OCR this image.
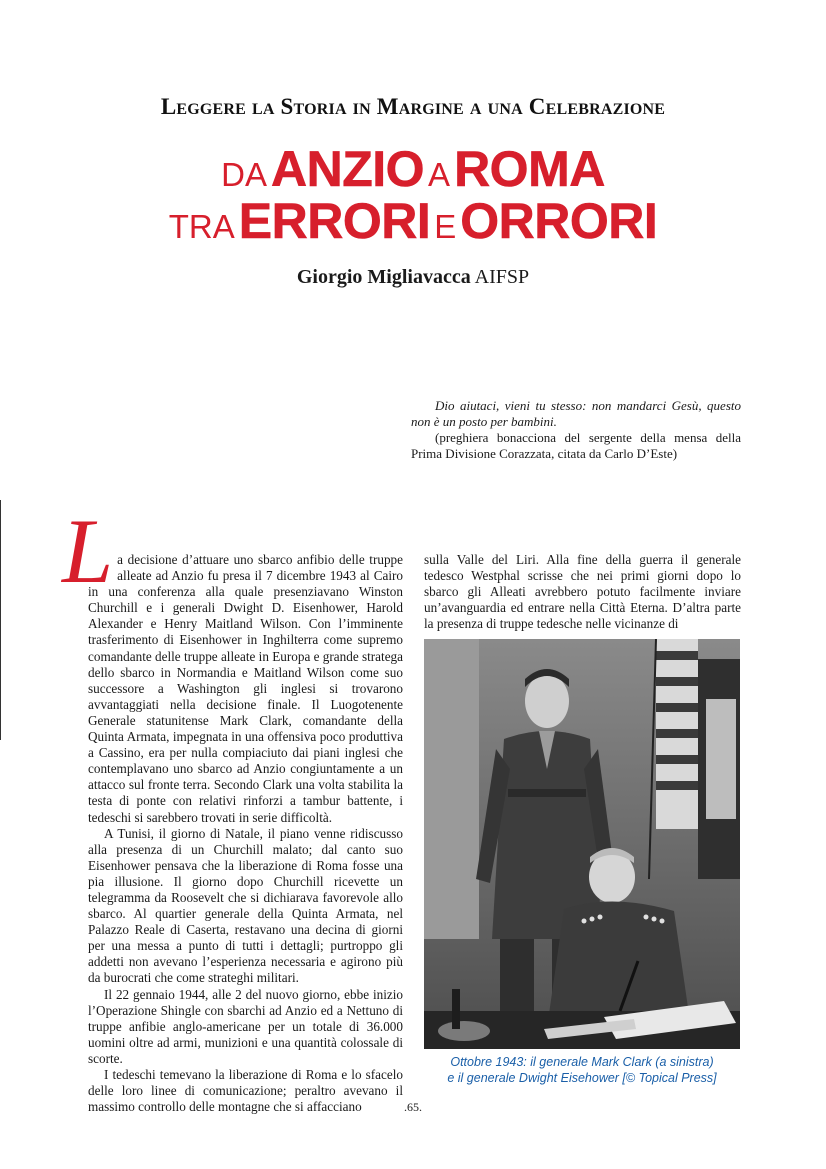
Leggere la Storia in Margine a una Celebrazione
DA ANZIO A ROMA
TRA ERRORI E ORRORI
Giorgio Migliavacca AIFSP

Dio aiutaci, vieni tu stesso: non mandarci Gesù, questo non è un posto per bambini.

(preghiera bonacciona del sergente della mensa della Prima Divisione Corazzata, citata da Carlo D’Este)

La decisione d’attuare uno sbarco anfibio delle truppe alleate ad Anzio fu presa il 7 dicembre 1943 al Cairo in una conferenza alla quale presenziavano Winston Churchill e i generali Dwight D. Eisenhower, Harold Alexander e Henry Maitland Wilson. Con l’imminente trasferimento di Eisenhower in Inghilterra come supremo comandante delle truppe alleate in Europa e grande stratega dello sbarco in Normandia e Maitland Wilson come suo successore a Washington gli inglesi si trovarono avvantaggiati nella decisione finale. Il Luogotenente Generale statunitense Mark Clark, comandante della Quinta Armata, impegnata in una offensiva poco produttiva a Cassino, era per nulla compiaciuto dai piani inglesi che contemplavano uno sbarco ad Anzio congiuntamente a un attacco sul fronte terra. Secondo Clark una volta stabilita la testa di ponte con relativi rinforzi a tambur battente, i tedeschi si sarebbero trovati in serie difficoltà.

A Tunisi, il giorno di Natale, il piano venne ridiscusso alla presenza di un Churchill malato; dal canto suo Eisenhower pensava che la liberazione di Roma fosse una pia illusione. Il giorno dopo Churchill ricevette un telegramma da Roosevelt che si dichiarava favorevole allo sbarco. Al quartier generale della Quinta Armata, nel Palazzo Reale di Caserta, restavano una decina di giorni per una messa a punto di tutti i dettagli; purtroppo gli addetti non avevano l’esperienza necessaria e agirono più da burocrati che come strateghi militari.

Il 22 gennaio 1944, alle 2 del nuovo giorno, ebbe inizio l’Operazione Shingle con sbarchi ad Anzio ed a Nettuno di truppe anfibie anglo-americane per un totale di 36.000 uomini oltre ad armi, munizioni e una quantità colossale di scorte.

I tedeschi temevano la liberazione di Roma e lo sfacelo delle loro linee di comunicazione; peraltro avevano il massimo controllo delle montagne che si affacciano

sulla Valle del Liri. Alla fine della guerra il generale tedesco Westphal scrisse che nei primi giorni dopo lo sbarco gli Alleati avrebbero potuto facilmente inviare un’avanguardia ed entrare nella Città Eterna. D’altra parte la presenza di truppe tedesche nelle vicinanze di

Ottobre 1943: il generale Mark Clark (a sinistra)
e il generale Dwight Eisehower [© Topical Press]
.65.
